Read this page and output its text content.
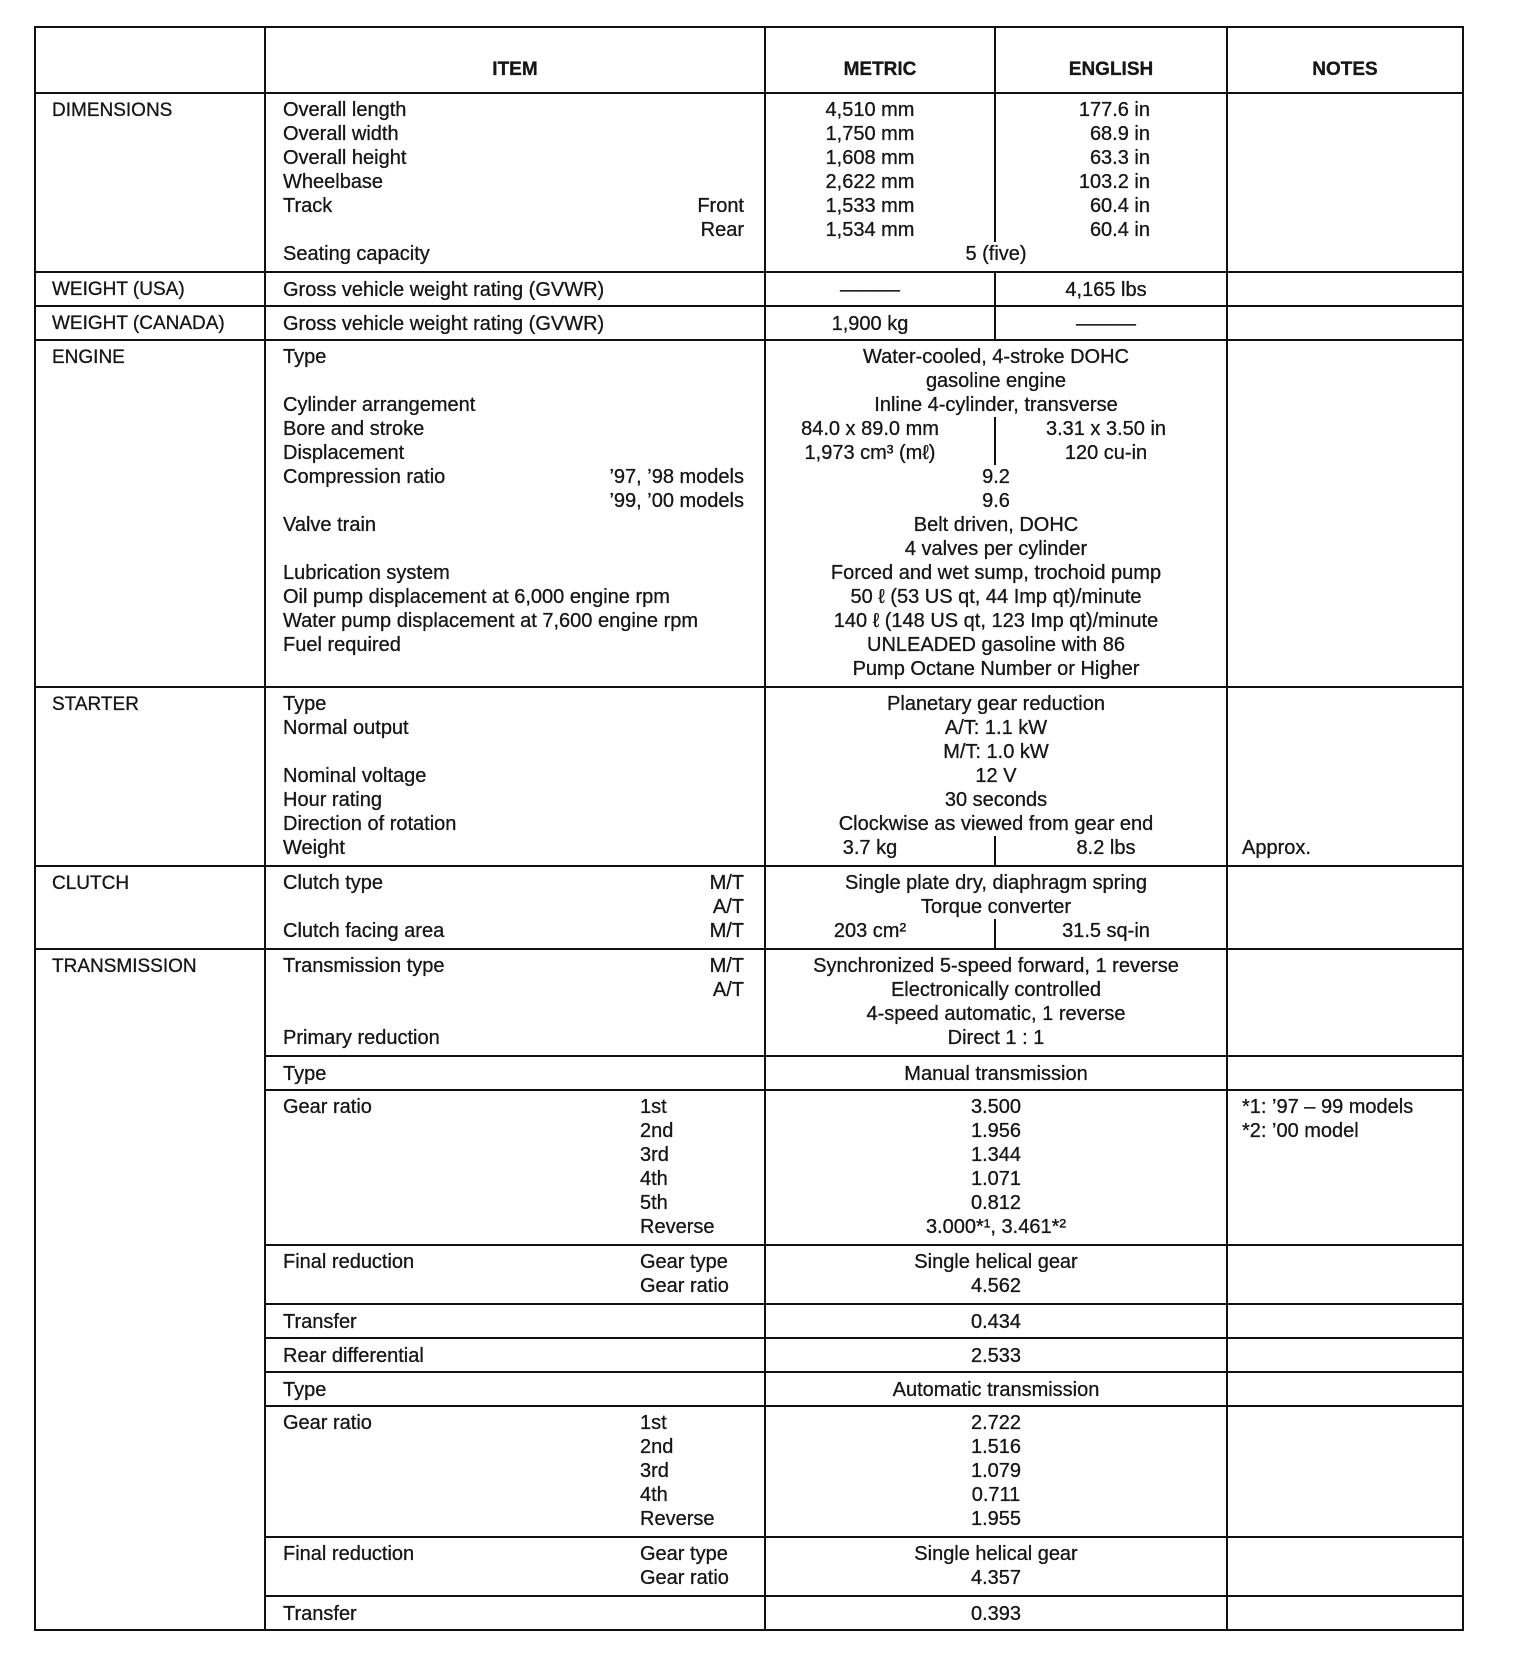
ITEM	METRIC	ENGLISH	NOTES
DIMENSIONS	Overall length	4,510 mm	177.6 in
Overall width	1,750 mm	68.9 in
Overall height	1,608 mm	63.3 in
Wheelbase	2,622 mm	103.2 in
Track	Front	1,533 mm	60.4 in
Rear	1,534 mm	60.4 in
Seating capacity	5 (five)
WEIGHT (USA)	Gross vehicle weight rating (GVWR)	———	4,165 lbs
WEIGHT (CANADA)	Gross vehicle weight rating (GVWR)	1,900 kg	———
ENGINE	Type	Water-cooled, 4-stroke DOHC
gasoline engine
Cylinder arrangement	Inline 4-cylinder, transverse
Bore and stroke	84.0 x 89.0 mm	3.31 x 3.50 in
Displacement	1,973 cm³ (mℓ)	120 cu-in
Compression ratio	’97, ’98 models	9.2
’99, ’00 models	9.6
Valve train	Belt driven, DOHC
4 valves per cylinder
Lubrication system	Forced and wet sump, trochoid pump
Oil pump displacement at 6,000 engine rpm	50 ℓ (53 US qt, 44 Imp qt)/minute
Water pump displacement at 7,600 engine rpm	140 ℓ (148 US qt, 123 Imp qt)/minute
Fuel required	UNLEADED gasoline with 86
Pump Octane Number or Higher
STARTER	Type	Planetary gear reduction
Normal output	A/T: 1.1 kW
M/T: 1.0 kW
Nominal voltage	12 V
Hour rating	30 seconds
Direction of rotation	Clockwise as viewed from gear end
Weight	3.7 kg	8.2 lbs	Approx.
CLUTCH	Clutch type	M/T	Single plate dry, diaphragm spring
A/T	Torque converter
Clutch facing area	M/T	203 cm²	31.5 sq-in
TRANSMISSION	Transmission type	M/T	Synchronized 5-speed forward, 1 reverse
A/T	Electronically controlled
4-speed automatic, 1 reverse
Primary reduction	Direct 1 : 1
Type	Manual transmission
Gear ratio	1st	3.500	*1: ’97 – 99 models
2nd	1.956	*2: ’00 model
3rd	1.344
4th	1.071
5th	0.812
Reverse	3.000*¹, 3.461*²
Final reduction	Gear type	Single helical gear
Gear ratio	4.562
Transfer	0.434
Rear differential	2.533
Type	Automatic transmission
Gear ratio	1st	2.722
2nd	1.516
3rd	1.079
4th	0.711
Reverse	1.955
Final reduction	Gear type	Single helical gear
Gear ratio	4.357
Transfer	0.393
